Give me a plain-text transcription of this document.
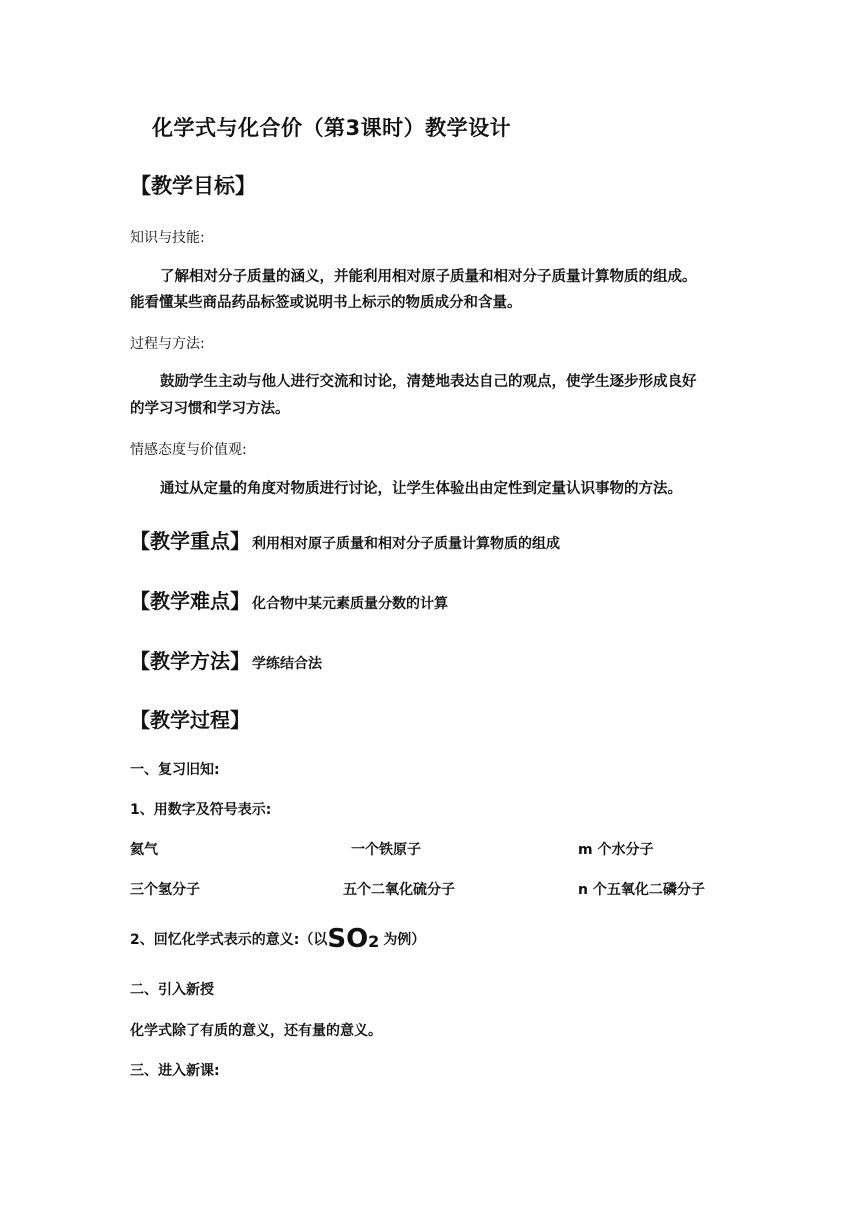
化学式与化合价（第3课时）教学设计
【教学目标】
知识与技能:
了解相对分子质量的涵义，并能利用相对原子质量和相对分子质量计算物质的组成。
能看懂某些商品药品标签或说明书上标示的物质成分和含量。
过程与方法:
鼓励学生主动与他人进行交流和讨论，清楚地表达自己的观点，使学生逐步形成良好
的学习习惯和学习方法。
情感态度与价值观:
通过从定量的角度对物质进行讨论，让学生体验出由定性到定量认识事物的方法。
【教学重点】 利用相对原子质量和相对分子质量计算物质的组成
【教学难点】 化合物中某元素质量分数的计算
【教学方法】 学练结合法
【教学过程】
一、复习旧知:
1、用数字及符号表示:
氦气	一个铁原子	m 个水分子
三个氢分子	五个二氧化硫分子	n 个五氧化二磷分子
2、回忆化学式表示的意义:（以SO2 为例）
二、引入新授
化学式除了有质的意义，还有量的意义。
三、进入新课:
